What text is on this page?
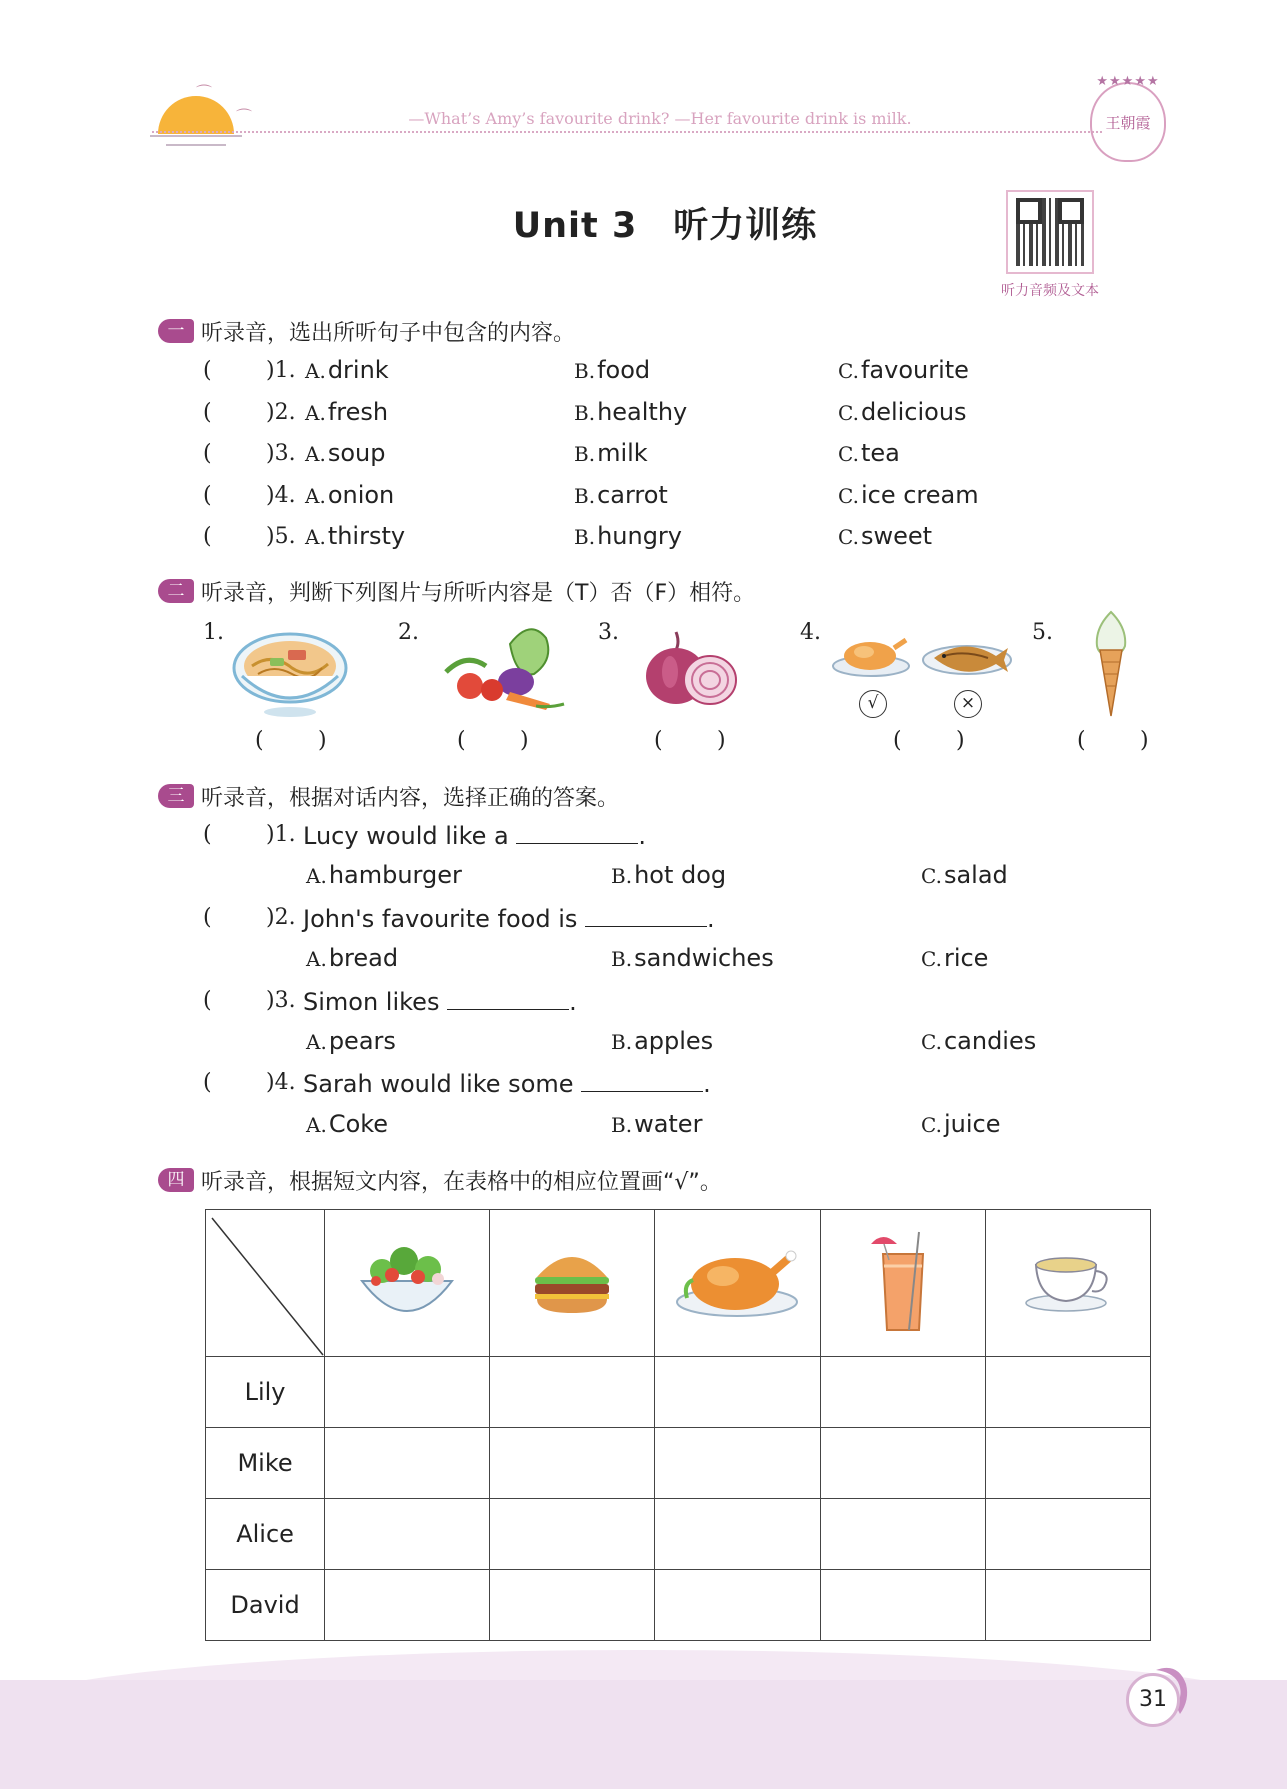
⌒
⌒	—What’s Amy’s favourite drink? —Her favourite drink is milk.
★★★★★
王朝霞
Unit 3　听力训练
听力音频及文本
一 听录音，选出所听句子中包含的内容。
( )1. A.drink	B.food	C.favourite
( )2. A.fresh	B.healthy	C.delicious
( )3. A.soup	B.milk	C.tea
( )4. A.onion	B.carrot	C.ice cream
( )5. A.thirsty	B.hungry	C.sweet
二 听录音，判断下列图片与所听内容是（T）否（F）相符。
1.	2.	3.	4.	5.
√	×
( )	( )	( )	( )	( )
三 听录音，根据对话内容，选择正确的答案。
( )1. Lucy would like a	.
A.hamburger	B.hot dog	C.salad
( )2. John's favourite food is	.
A.bread	B.sandwiches	C.rice
( )3. Simon likes	.
A.pears	B.apples	C.candies
( )4. Sarah would like some	.
A.Coke	B.water	C.juice
四 听录音，根据短文内容，在表格中的相应位置画“√”。

Lily					
Mike					
Alice					
David					
31
